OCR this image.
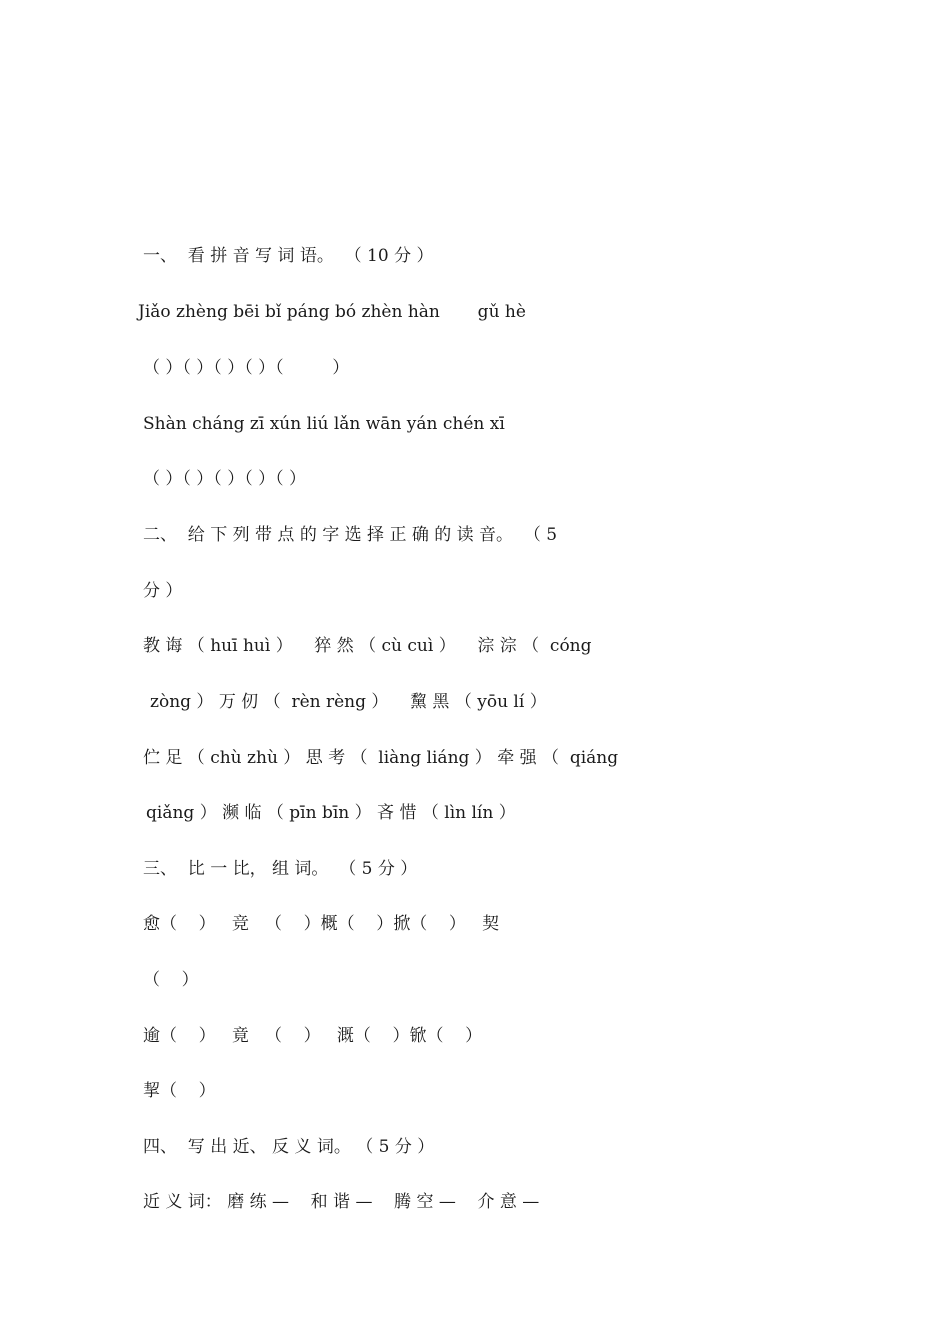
一、  看 拼 音 写 词 语。  （ 10 分 ）
Jiǎo zhèng bēi bǐ páng bó zhèn hàn       gǔ hè
（ ）（ ）（ ）（ ）（         ）
Shàn cháng zī xún liú lǎn wān yán chén xī
（ ）（ ）（ ）（ ）（ ）
二、  给 下 列 带 点 的 字 选 择 正 确 的 读 音。  （ 5
分 ）
教 诲 （ huī huì ）    猝 然 （ cù cuì ）    淙 淙 （  cóng
zòng ） 万 仞 （  rèn rèng ）    黧 黑 （ yōu lí ）
伫 足 （ chù zhù ） 思 考 （  liàng liáng ） 牵 强 （  qiáng
qiǎng ） 濒 临 （ pīn bīn ） 吝 惜 （ lìn lín ）
三、  比 一 比， 组 词。  （ 5 分 ）
愈（    ）   竞   （    ）概（    ）掀（    ）   契
（    ）
逾（    ）   竟   （    ）   溉（    ）锨（    ）
挈（    ）
四、  写 出 近、 反 义 词。 （ 5 分 ）
近 义 词： 磨 练 —    和 谐 —    腾 空 —    介 意 —
